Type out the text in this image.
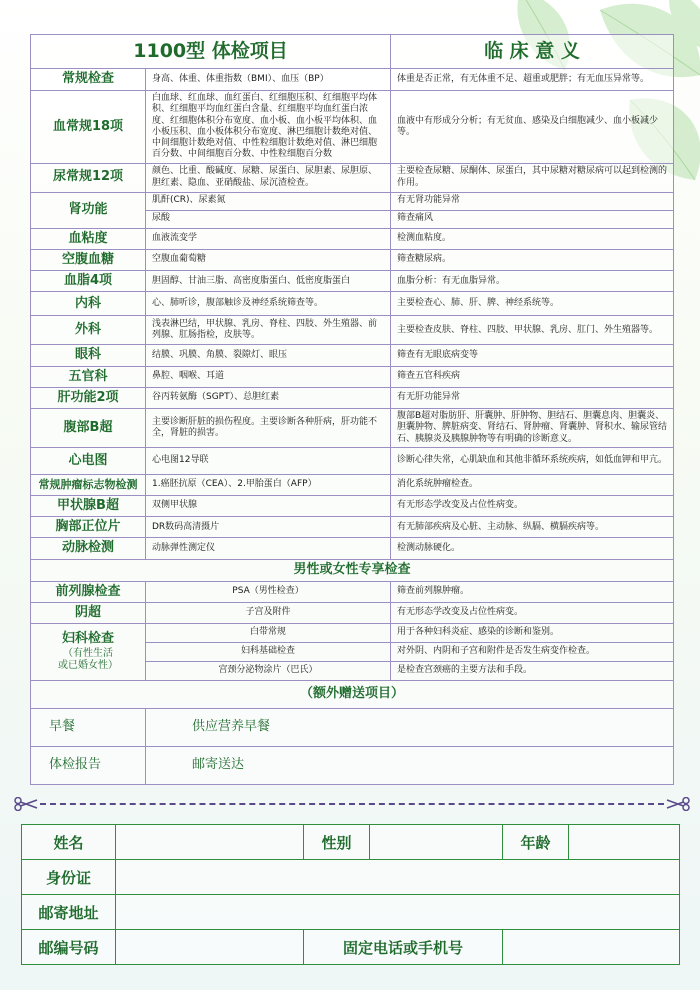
1100型 体检项目		临 床 意 义
常规检查	身高、体重、体重指数（BMI）、血压（BP）	体重是否正常，有无体重不足、超重或肥胖；有无血压异常等。
血常规18项	白血球、红血球、血红蛋白、红细胞压积、红细胞平均体积、红细胞平均血红蛋白含量、红细胞平均血红蛋白浓度、红细胞体积分布宽度、血小板、血小板平均体积、血小板压积、血小板体积分布宽度、淋巴细胞计数绝对值、中间细胞计数绝对值、中性粒细胞计数绝对值、淋巴细胞百分数、中间细胞百分数、中性粒细胞百分数	血液中有形成分分析；有无贫血、感染及白细胞减少、血小板减少等。
尿常规12项	颜色、比重、酸碱度、尿糖、尿蛋白、尿胆素、尿胆原、胆红素、隐血、亚硝酸盐、尿沉渣检查。	主要检查尿糖、尿酮体、尿蛋白，其中尿糖对糖尿病可以起到检测的作用。
肾功能	肌酐(CR)、尿素氮	有无肾功能异常
	尿酸	筛查痛风
血粘度	血液流变学	检测血粘度。
空腹血糖	空腹血葡萄糖	筛查糖尿病。
血脂4项	胆固醇、甘油三脂、高密度脂蛋白、低密度脂蛋白	血脂分析：有无血脂异常。
内科	心、肺听诊，腹部触诊及神经系统筛查等。	主要检查心、肺、肝、脾、神经系统等。
外科	浅表淋巴结，甲状腺、乳房、脊柱、四肢、外生殖器、前列腺、肛肠指检，皮肤等。	主要检查皮肤、脊柱、四肢、甲状腺、乳房、肛门、外生殖器等。
眼科	结膜、巩膜、角膜、裂隙灯、眼压	筛查有无眼底病变等
五官科	鼻腔、咽喉、耳道	筛查五官科疾病
肝功能2项	谷丙转氨酶（SGPT）、总胆红素	有无肝功能异常
腹部B超	主要诊断肝脏的损伤程度。主要诊断各种肝病，肝功能不全，肾脏的损害。	腹部B超对脂肪肝、肝囊肿、肝肿物、胆结石、胆囊息肉、胆囊炎、胆囊肿物、脾脏病变、肾结石、肾肿瘤、肾囊肿、肾积水、输尿管结石、胰腺炎及胰腺肿物等有明确的诊断意义。
心电图	心电图12导联	诊断心律失常，心肌缺血和其他非循环系统疾病，如低血钾和甲亢。
常规肿瘤标志物检测	1.癌胚抗原（CEA）、2.甲胎蛋白（AFP）	消化系统肿瘤检查。
甲状腺B超	双侧甲状腺	有无形态学改变及占位性病变。
胸部正位片	DR数码高清摄片	有无肺部疾病及心脏、主动脉、纵膈、横膈疾病等。
动脉检测	动脉弹性测定仪	检测动脉硬化。
男性或女性专享检查		
前列腺检查	PSA（男性检查）	筛查前列腺肿瘤。
阴超	子宫及附件	有无形态学改变及占位性病变。

妇科检查
（有性生活
或已婚女性）	白带常规	用于各种妇科炎症、感染的诊断和鉴别。
	妇科基础检查	对外阴、内阴和子宫和附件是否发生病变作检查。
	宫颈分泌物涂片（巴氏）	是检查宫颈癌的主要方法和手段。
（额外赠送项目）		
早餐	供应营养早餐	
体检报告	邮寄送达	
姓名		性别		年龄	
身份证					
邮寄地址					
邮编号码		固定电话或手机号			
